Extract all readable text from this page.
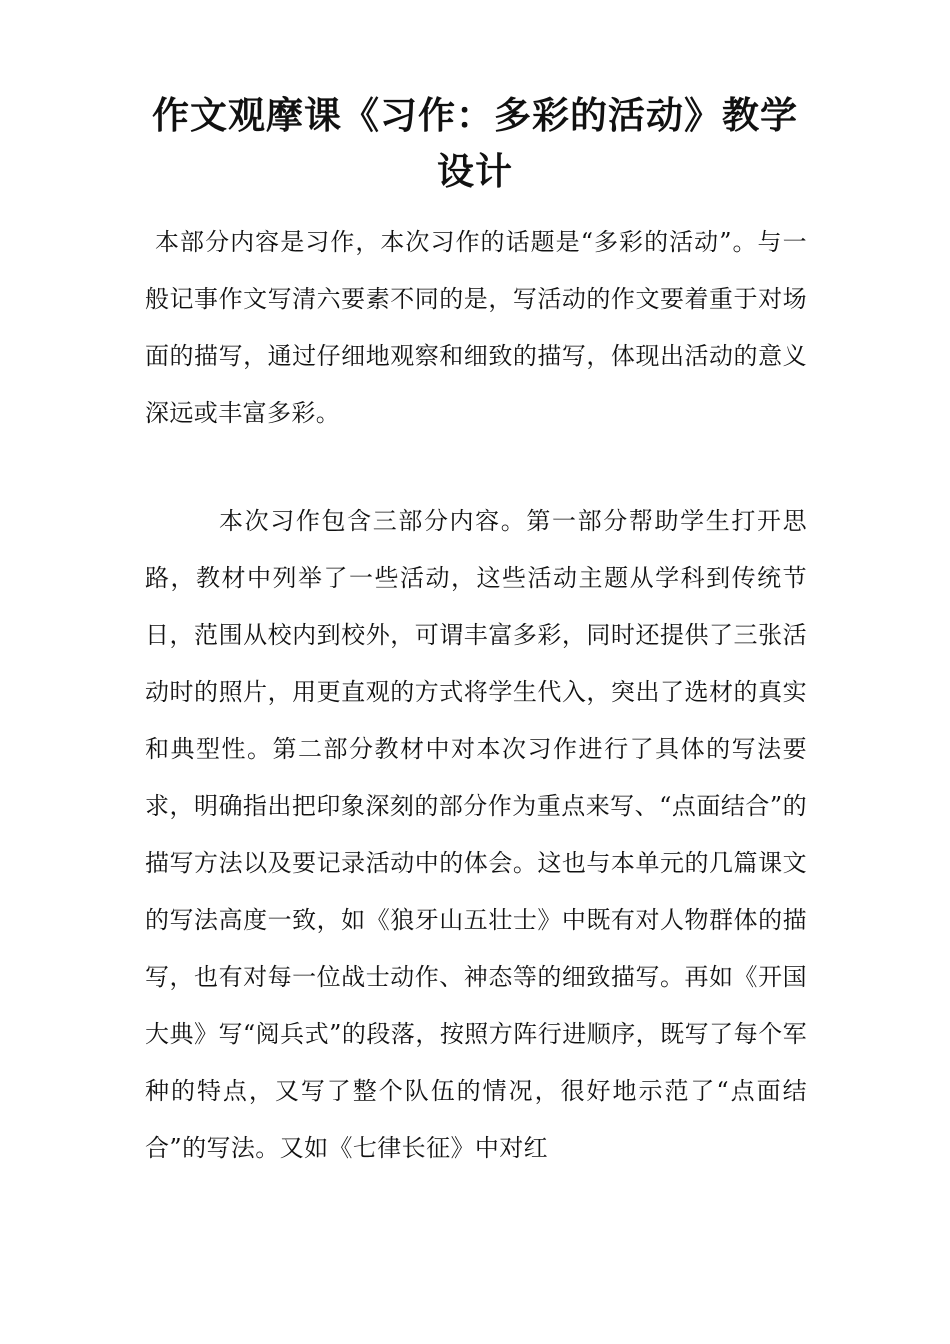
作文观摩课《习作：多彩的活动》教学设计

本部分内容是习作，本次习作的话题是“多彩的活动”。与一般记事作文写清六要素不同的是，写活动的作文要着重于对场面的描写，通过仔细地观察和细致的描写，体现出活动的意义深远或丰富多彩。

本次习作包含三部分内容。第一部分帮助学生打开思路，教材中列举了一些活动，这些活动主题从学科到传统节日，范围从校内到校外，可谓丰富多彩，同时还提供了三张活动时的照片，用更直观的方式将学生代入，突出了选材的真实和典型性。第二部分教材中对本次习作进行了具体的写法要求，明确指出把印象深刻的部分作为重点来写、“点面结合”的描写方法以及要记录活动中的体会。这也与本单元的几篇课文的写法高度一致，如《狼牙山五壮士》中既有对人物群体的描写，也有对每一位战士动作、神态等的细致描写。再如《开国大典》写“阅兵式”的段落，按照方阵行进顺序，既写了每个军种的特点，又写了整个队伍的情况，很好地示范了“点面结合”的写法。又如《七律长征》中对红
